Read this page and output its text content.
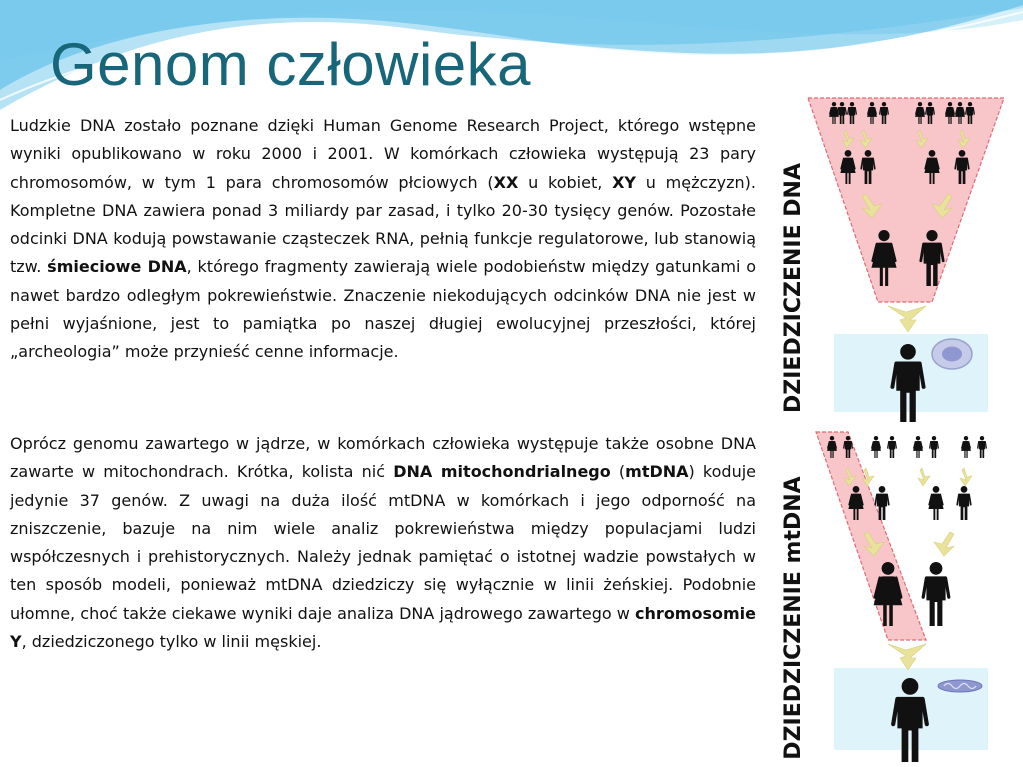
Genom człowieka

Ludzkie DNA zostało poznane dzięki Human Genome Research Project, którego wstępne wyniki opublikowano w roku 2000 i 2001. W komórkach człowieka występują 23 pary chromosomów, w tym 1 para chromosomów płciowych (XX u kobiet, XY u mężczyzn). Kompletne DNA zawiera ponad 3 miliardy par zasad, i tylko 20-30 tysięcy genów. Pozostałe odcinki DNA kodują powstawanie cząsteczek RNA, pełnią funkcje regulatorowe, lub stanowią tzw. śmieciowe DNA, którego fragmenty zawierają wiele podobieństw między gatunkami o nawet bardzo odległym pokrewieństwie. Znaczenie niekodujących odcinków DNA nie jest w pełni wyjaśnione, jest to pamiątka po naszej długiej ewolucyjnej przeszłości, której „archeologia” może przynieść cenne informacje.

Oprócz genomu zawartego w jądrze, w komórkach człowieka występuje także osobne DNA zawarte w mitochondrach. Krótka, kolista nić DNA mitochondrialnego (mtDNA) koduje jedynie 37 genów. Z uwagi na duża ilość mtDNA w komórkach i jego odporność na zniszczenie, bazuje na nim wiele analiz pokrewieństwa między populacjami ludzi współczesnych i prehistorycznych. Należy jednak pamiętać o istotnej wadzie powstałych w ten sposób modeli, ponieważ mtDNA dziedziczy się wyłącznie w linii żeńskiej. Podobnie ułomne, choć także ciekawe wyniki daje analiza DNA jądrowego zawartego w chromosomie Y, dziedziczonego tylko w linii męskiej.

DZIEDZICZENIE DNA
DZIEDZICZENIE mtDNA
